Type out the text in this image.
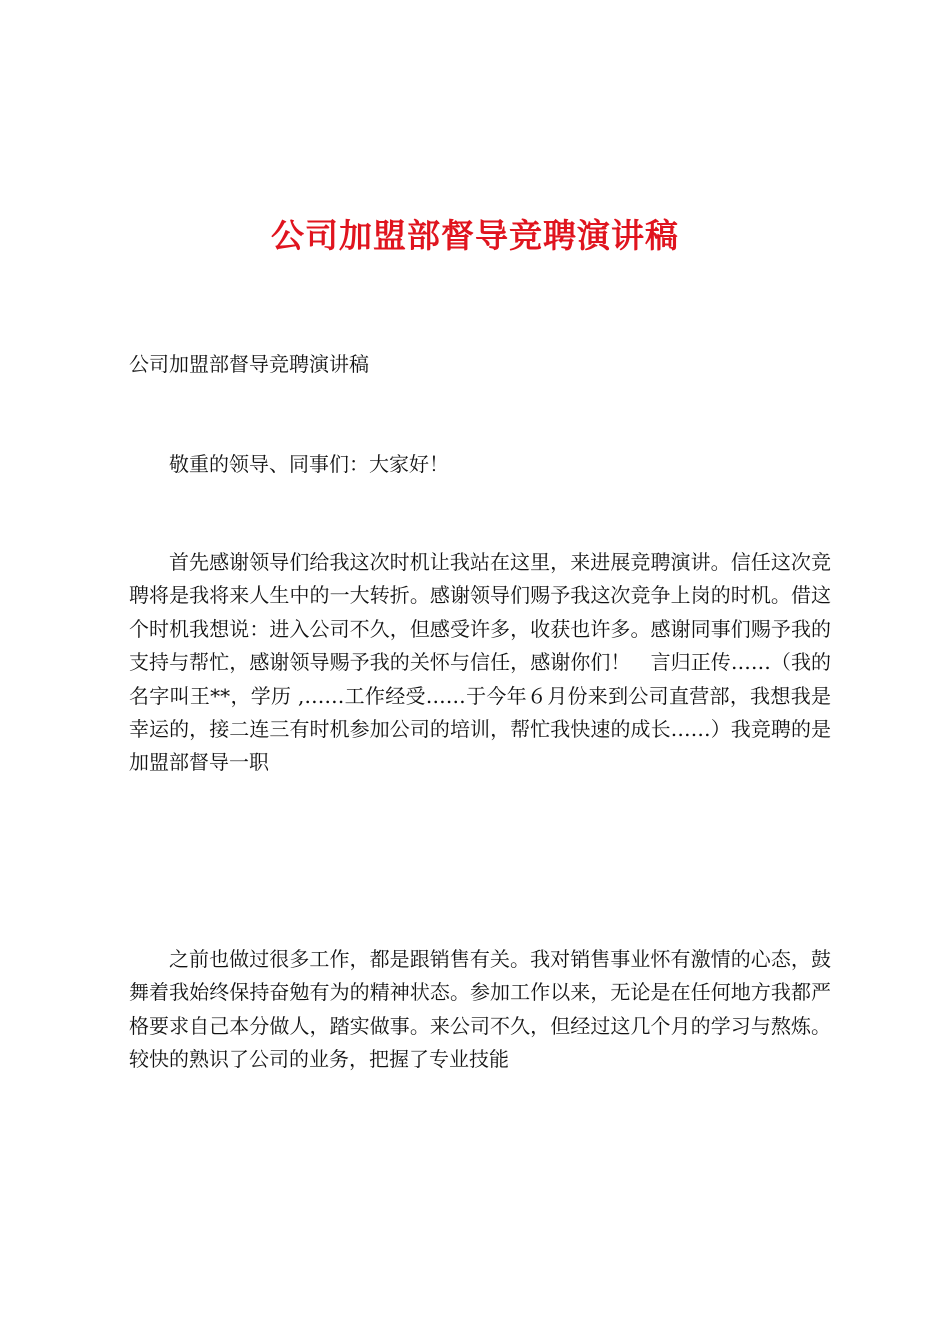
公司加盟部督导竞聘演讲稿
公司加盟部督导竞聘演讲稿

敬重的领导、同事们：大家好！

首先感谢领导们给我这次时机让我站在这里，来进展竞聘演讲。信任这次竞聘将是我将来人生中的一大转折。感谢领导们赐予我这次竞争上岗的时机。借这个时机我想说：进入公司不久，但感受许多，收获也许多。感谢同事们赐予我的支持与帮忙，感谢领导赐予我的关怀与信任，感谢你们！　言归正传……（我的名字叫王**，学历 ,……工作经受……于今年６月份来到公司直营部，我想我是幸运的，接二连三有时机参加公司的培训，帮忙我快速的成长……）我竞聘的是加盟部督导一职

之前也做过很多工作，都是跟销售有关。我对销售事业怀有激情的心态，鼓舞着我始终保持奋勉有为的精神状态。参加工作以来，无论是在任何地方我都严格要求自己本分做人，踏实做事。来公司不久，但经过这几个月的学习与熬炼。较快的熟识了公司的业务，把握了专业技能
